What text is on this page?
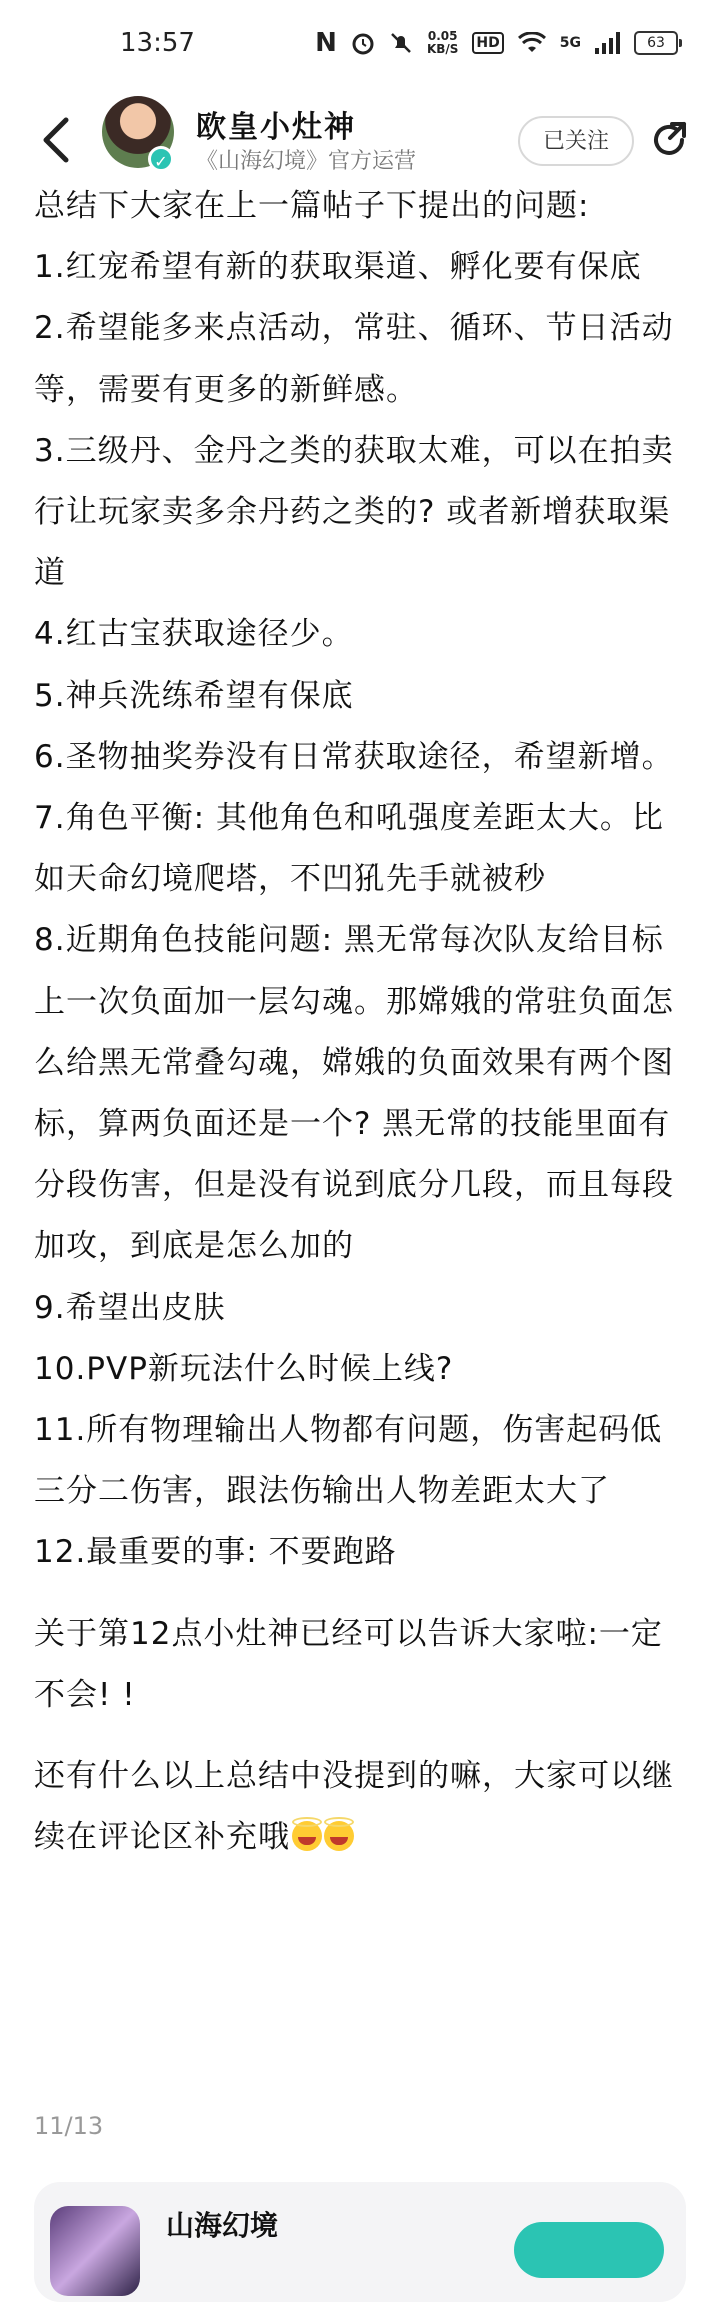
13:57	N	0.05
KB/S HD	5G	63
✓
欧皇小灶神
《山海幻境》官方运营
已关注

总结下大家在上一篇帖子下提出的问题:

1.红宠希望有新的获取渠道、孵化要有保底

2.希望能多来点活动，常驻、循环、节日活动等，需要有更多的新鲜感。

3.三级丹、金丹之类的获取太难，可以在拍卖行让玩家卖多余丹药之类的? 或者新增获取渠道

4.红古宝获取途径少。

5.神兵洗练希望有保底

6.圣物抽奖券没有日常获取途径，希望新增。

7.角色平衡: 其他角色和吼强度差距太大。比如天命幻境爬塔，不凹犼先手就被秒

8.近期角色技能问题: 黑无常每次队友给目标上一次负面加一层勾魂。那嫦娥的常驻负面怎么给黑无常叠勾魂，嫦娥的负面效果有两个图标，算两负面还是一个? 黑无常的技能里面有分段伤害，但是没有说到底分几段，而且每段加攻，到底是怎么加的

9.希望出皮肤

10.PVP新玩法什么时候上线?

11.所有物理输出人物都有问题，伤害起码低三分二伤害，跟法伤输出人物差距太大了

12.最重要的事: 不要跑路

关于第12点小灶神已经可以告诉大家啦:一定不会! !

还有什么以上总结中没提到的嘛，大家可以继续在评论区补充哦

11/13
山海幻境
